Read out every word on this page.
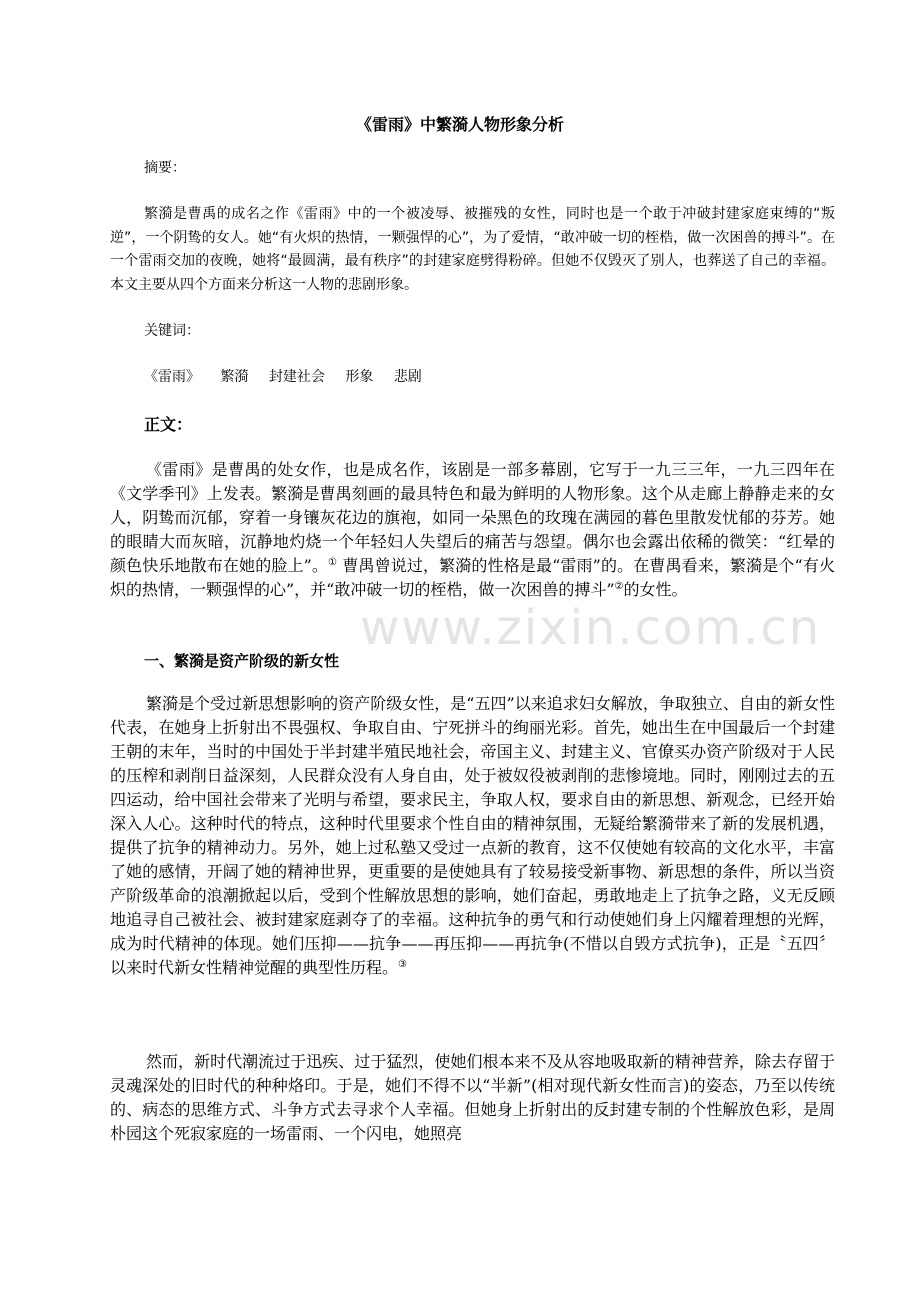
《雷雨》中繁漪人物形象分析
摘要：
繁漪是曹禹的成名之作《雷雨》中的一个被凌辱、被摧残的女性，同时也是一个敢于冲破封建家庭束缚的“叛逆”，一个阴鸷的女人。她“有火炽的热情，一颗强悍的心”，为了爱情，“敢冲破一切的桎梏，做一次困兽的搏斗”。在一个雷雨交加的夜晚，她将“最圆满，最有秩序”的封建家庭劈得粉碎。但她不仅毁灭了别人，也葬送了自己的幸福。本文主要从四个方面来分析这一人物的悲剧形象。
关键词：
《雷雨》 繁漪 封建社会 形象 悲剧
正文：
《雷雨》是曹禺的处女作，也是成名作，该剧是一部多幕剧，它写于一九三三年，一九三四年在《文学季刊》上发表。繁漪是曹禺刻画的最具特色和最为鲜明的人物形象。这个从走廊上静静走来的女人，阴鸷而沉郁，穿着一身镶灰花边的旗袍，如同一朵黑色的玫瑰在满园的暮色里散发忧郁的芬芳。她的眼睛大而灰暗，沉静地灼烧一个年轻妇人失望后的痛苦与怨望。偶尔也会露出依稀的微笑：“红晕的颜色快乐地散布在她的脸上”。① 曹禺曾说过，繁漪的性格是最“雷雨”的。在曹禺看来，繁漪是个“有火炽的热情，一颗强悍的心”，并“敢冲破一切的桎梏，做一次困兽的搏斗”②的女性。
www.zixin.com.cn
一、繁漪是资产阶级的新女性
繁漪是个受过新思想影响的资产阶级女性，是“五四”以来追求妇女解放，争取独立、自由的新女性代表，在她身上折射出不畏强权、争取自由、宁死拼斗的绚丽光彩。首先，她出生在中国最后一个封建王朝的末年，当时的中国处于半封建半殖民地社会，帝国主义、封建主义、官僚买办资产阶级对于人民的压榨和剥削日益深刻，人民群众没有人身自由，处于被奴役被剥削的悲惨境地。同时，刚刚过去的五四运动，给中国社会带来了光明与希望，要求民主，争取人权，要求自由的新思想、新观念，已经开始深入人心。这种时代的特点，这种时代里要求个性自由的精神氛围，无疑给繁漪带来了新的发展机遇，提供了抗争的精神动力。另外，她上过私塾又受过一点新的教育，这不仅使她有较高的文化水平，丰富了她的感情，开阔了她的精神世界，更重要的是使她具有了较易接受新事物、新思想的条件，所以当资产阶级革命的浪潮掀起以后，受到个性解放思想的影响，她们奋起，勇敢地走上了抗争之路，义无反顾地追寻自己被社会、被封建家庭剥夺了的幸福。这种抗争的勇气和行动使她们身上闪耀着理想的光辉，成为时代精神的体现。她们压抑——抗争——再压抑——再抗争(不惜以自毁方式抗争)，正是〝五四〞以来时代新女性精神觉醒的典型性历程。③
然而，新时代潮流过于迅疾、过于猛烈，使她们根本来不及从容地吸取新的精神营养，除去存留于灵魂深处的旧时代的种种烙印。于是，她们不得不以“半新”(相对现代新女性而言)的姿态，乃至以传统的、病态的思维方式、斗争方式去寻求个人幸福。但她身上折射出的反封建专制的个性解放色彩，是周朴园这个死寂家庭的一场雷雨、一个闪电，她照亮
